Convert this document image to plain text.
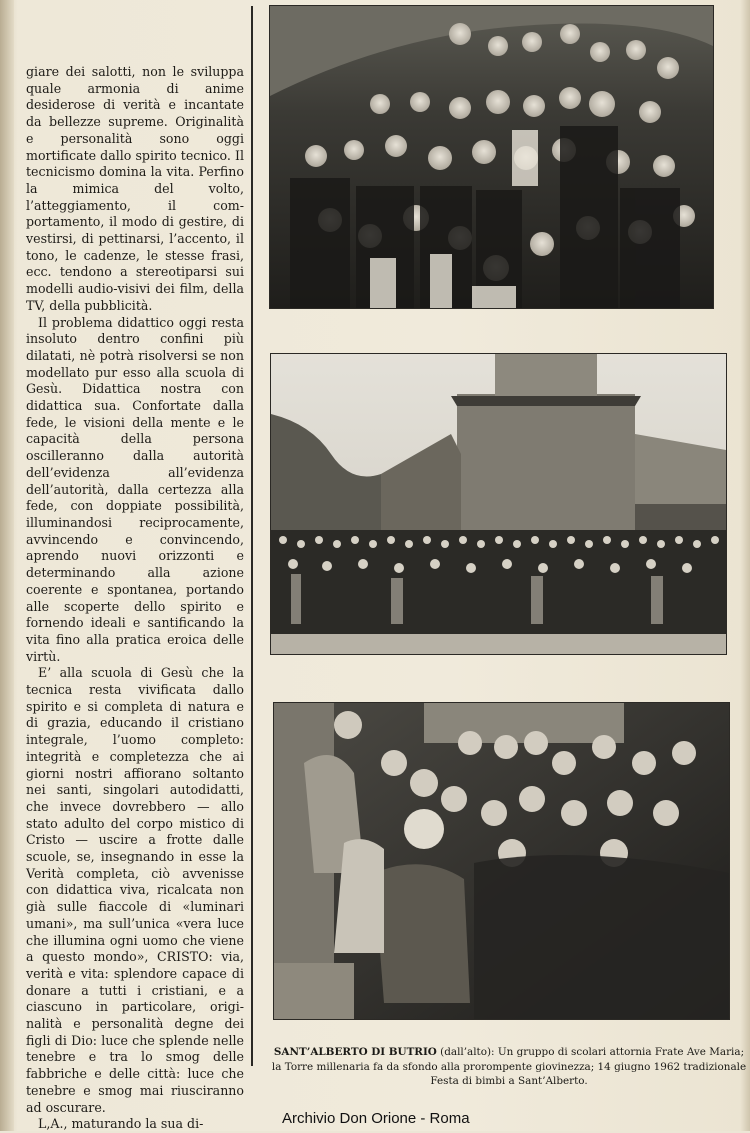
giare dei salotti, non le sviluppa quale armonia di anime desiderose di verità e incantate da bellezze supreme. Originalità e personalità sono oggi mortificate dallo spirito tecnico. Il tecnicismo domina la vita. Perfino la mimica del volto, l’atteggiamento, il comportamento, il modo di gestire, di vestirsi, di pettinarsi, l’accento, il tono, le cadenze, le stesse frasi, ecc. tendono a stereotiparsi sui modelli audio-visivi dei film, della TV, della pubblicità.

Il problema didattico oggi resta insoluto dentro confini più dilatati, nè potrà risolversi se non modellato pur esso alla scuola di Gesù. Didattica nostra con didattica sua. Confortate dalla fede, le visioni della mente e le capacità della persona oscilleranno dalla autorità dell’evidenza all’evidenza dell’autorità, dalla certezza alla fede, con doppiate possibilità, illuminandosi reciprocamente, avvincendo e convincendo, aprendo nuovi orizzonti e determinando alla azione coerente e spontanea, portando alle scoperte dello spirito e fornendo ideali e santificando la vita fino alla pratica eroica delle virtù.

E’ alla scuola di Gesù che la tecnica resta vivificata dallo spirito e si completa di natura e di grazia, educando il cristiano integrale, l’uomo completo: integrità e completezza che ai giorni nostri affiorano soltanto nei santi, singolari autodidatti, che invece dovrebbero — allo stato adulto del corpo mistico di Cristo — uscire a frotte dalle scuole, se, insegnando in esse la Verità completa, ciò avvenisse con didattica viva, ricalcata non già sulle fiaccole di «luminari umani», ma sull’unica «vera luce che illumina ogni uomo che viene a questo mondo», CRISTO: via, verità e vita: splendore capace di donare a tutti i cristiani, e a ciascuno in particolare, originalità e personalità degne dei figli di Dio: luce che splende nelle tenebre e tra lo smog delle fabbriche e delle città: luce che tenebre e smog mai riusciranno ad oscurare.

L,A., maturando la sua di-

SANT’ALBERTO DI BUTRIO (dall’alto): Un gruppo di scolari attornia Frate Ave Maria; la Torre millenaria fa da sfondo alla prorompente giovinezza; 14 giugno 1962 tradizionale Festa di bimbi a Sant’Alberto.
Archivio Don Orione - Roma
